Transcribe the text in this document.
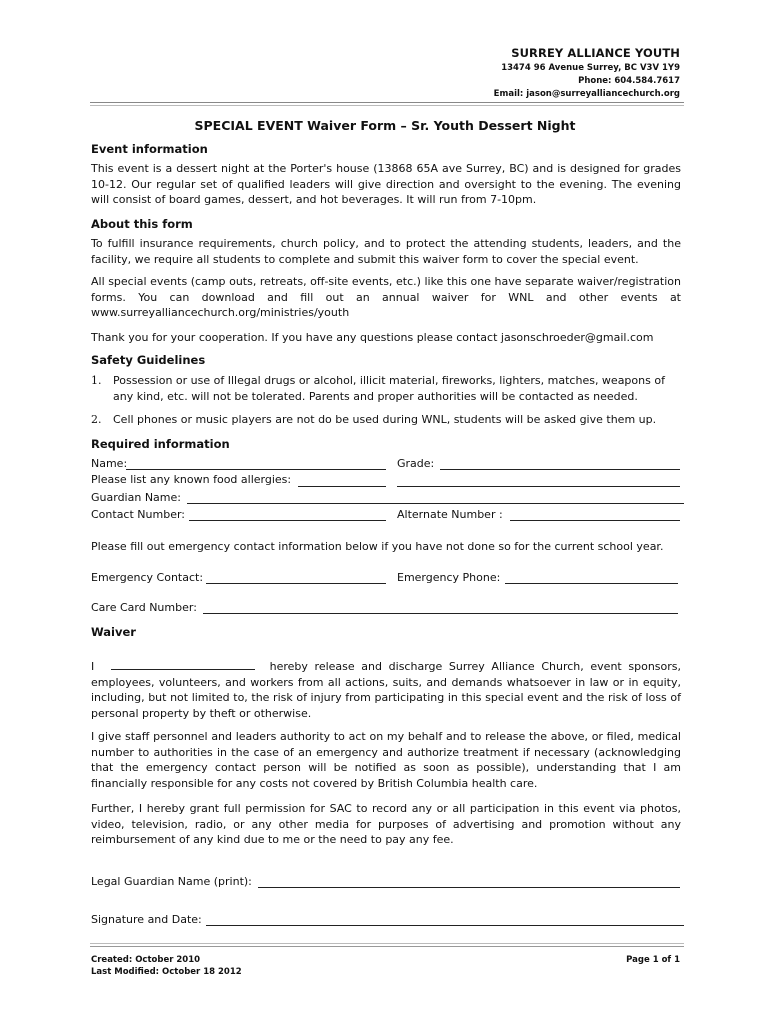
SURREY ALLIANCE YOUTH
13474 96 Avenue Surrey, BC V3V 1Y9
Phone: 604.584.7617
Email: jason@surreyalliancechurch.org
SPECIAL EVENT Waiver Form – Sr. Youth Dessert Night
Event information
This event is a dessert night at the Porter's house (13868 65A ave Surrey, BC) and is designed for grades 10-12. Our regular set of qualified leaders will give direction and oversight to the evening. The evening will consist of board games, dessert, and hot beverages. It will run from 7-10pm.
About this form
To fulfill insurance requirements, church policy, and to protect the attending students, leaders, and the facility, we require all students to complete and submit this waiver form to cover the special event.
All special events (camp outs, retreats, off-site events, etc.) like this one have separate waiver/registration forms. You can download and fill out an annual waiver for WNL and other events at www.surreyalliancechurch.org/ministries/youth
Thank you for your cooperation. If you have any questions please contact jasonschroeder@gmail.com
Safety Guidelines
1. Possession or use of Illegal drugs or alcohol, illicit material, fireworks, lighters, matches, weapons of any kind, etc. will not be tolerated. Parents and proper authorities will be contacted as needed.
2. Cell phones or music players are not do be used during WNL, students will be asked give them up.
Required information
Name:	Grade:
Please list any known food allergies:
Guardian Name:
Contact Number:	Alternate Number :
Please fill out emergency contact information below if you have not done so for the current school year.
Emergency Contact:	Emergency Phone:
Care Card Number:
Waiver
I	hereby release and discharge Surrey Alliance Church, event sponsors, employees, volunteers, and workers from all actions, suits, and demands whatsoever in law or in equity, including, but not limited to, the risk of injury from participating in this special event and the risk of loss of personal property by theft or otherwise.
I give staff personnel and leaders authority to act on my behalf and to release the above, or filed, medical number to authorities in the case of an emergency and authorize treatment if necessary (acknowledging that the emergency contact person will be notified as soon as possible), understanding that I am financially responsible for any costs not covered by British Columbia health care.
Further, I hereby grant full permission for SAC to record any or all participation in this event via photos, video, television, radio, or any other media for purposes of advertising and promotion without any reimbursement of any kind due to me or the need to pay any fee.
Legal Guardian Name (print):
Signature and Date:
Created: October 2010
Last Modified: October 18 2012
Page 1 of 1
